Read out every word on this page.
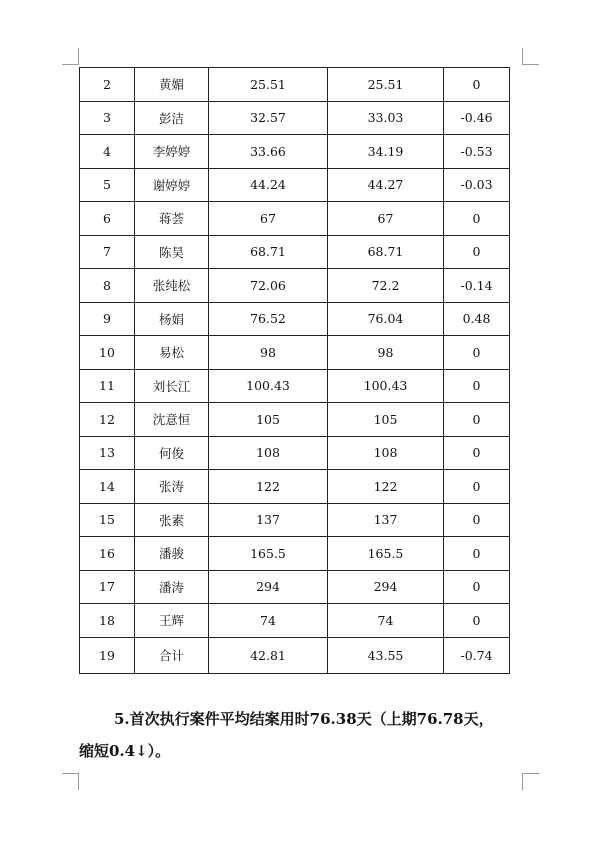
2	黄媚	25.51	25.51	0
3	彭洁	32.57	33.03	-0.46
4	李婷婷	33.66	34.19	-0.53
5	谢婷婷	44.24	44.27	-0.03
6	蒋荟	67	67	0
7	陈昊	68.71	68.71	0
8	张纯松	72.06	72.2	-0.14
9	杨娟	76.52	76.04	0.48
10	易松	98	98	0
11	刘长江	100.43	100.43	0
12	沈意恒	105	105	0
13	何俊	108	108	0
14	张涛	122	122	0
15	张素	137	137	0
16	潘骏	165.5	165.5	0
17	潘涛	294	294	0
18	王辉	74	74	0
19	合计	42.81	43.55	-0.74
5.首次执行案件平均结案用时76.38天（上期76.78天，
缩短0.4↓）。
